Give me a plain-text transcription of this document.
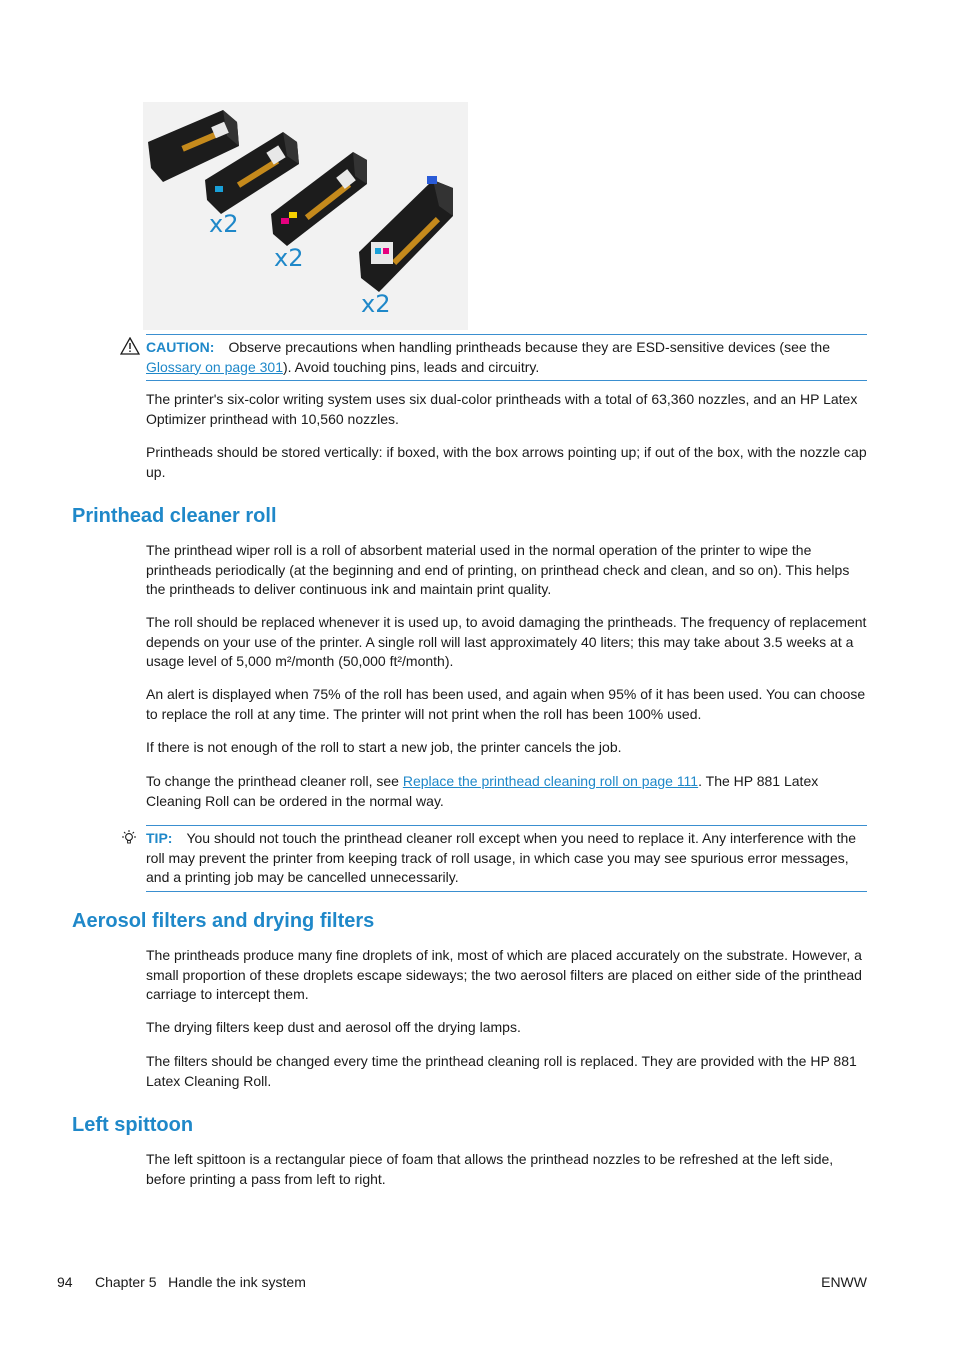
x2
x2
x2
CAUTION: Observe precautions when handling printheads because they are ESD-sensitive devices (see the Glossary on page 301). Avoid touching pins, leads and circuitry.

The printer's six-color writing system uses six dual-color printheads with a total of 63,360 nozzles, and an HP Latex Optimizer printhead with 10,560 nozzles.

Printheads should be stored vertically: if boxed, with the box arrows pointing up; if out of the box, with the nozzle cap up.

Printhead cleaner roll

The printhead wiper roll is a roll of absorbent material used in the normal operation of the printer to wipe the printheads periodically (at the beginning and end of printing, on printhead check and clean, and so on). This helps the printheads to deliver continuous ink and maintain print quality.

The roll should be replaced whenever it is used up, to avoid damaging the printheads. The frequency of replacement depends on your use of the printer. A single roll will last approximately 40 liters; this may take about 3.5 weeks at a usage level of 5,000 m²/month (50,000 ft²/month).

An alert is displayed when 75% of the roll has been used, and again when 95% of it has been used. You can choose to replace the roll at any time. The printer will not print when the roll has been 100% used.

If there is not enough of the roll to start a new job, the printer cancels the job.

To change the printhead cleaner roll, see Replace the printhead cleaning roll on page 111. The HP 881 Latex Cleaning Roll can be ordered in the normal way.

TIP: You should not touch the printhead cleaner roll except when you need to replace it. Any interference with the roll may prevent the printer from keeping track of roll usage, in which case you may see spurious error messages, and a printing job may be cancelled unnecessarily.
Aerosol filters and drying filters

The printheads produce many fine droplets of ink, most of which are placed accurately on the substrate. However, a small proportion of these droplets escape sideways; the two aerosol filters are placed on either side of the printhead carriage to intercept them.

The drying filters keep dust and aerosol off the drying lamps.

The filters should be changed every time the printhead cleaning roll is replaced. They are provided with the HP 881 Latex Cleaning Roll.

Left spittoon

The left spittoon is a rectangular piece of foam that allows the printhead nozzles to be refreshed at the left side, before printing a pass from left to right.

94 Chapter 5   Handle the ink system	ENWW
